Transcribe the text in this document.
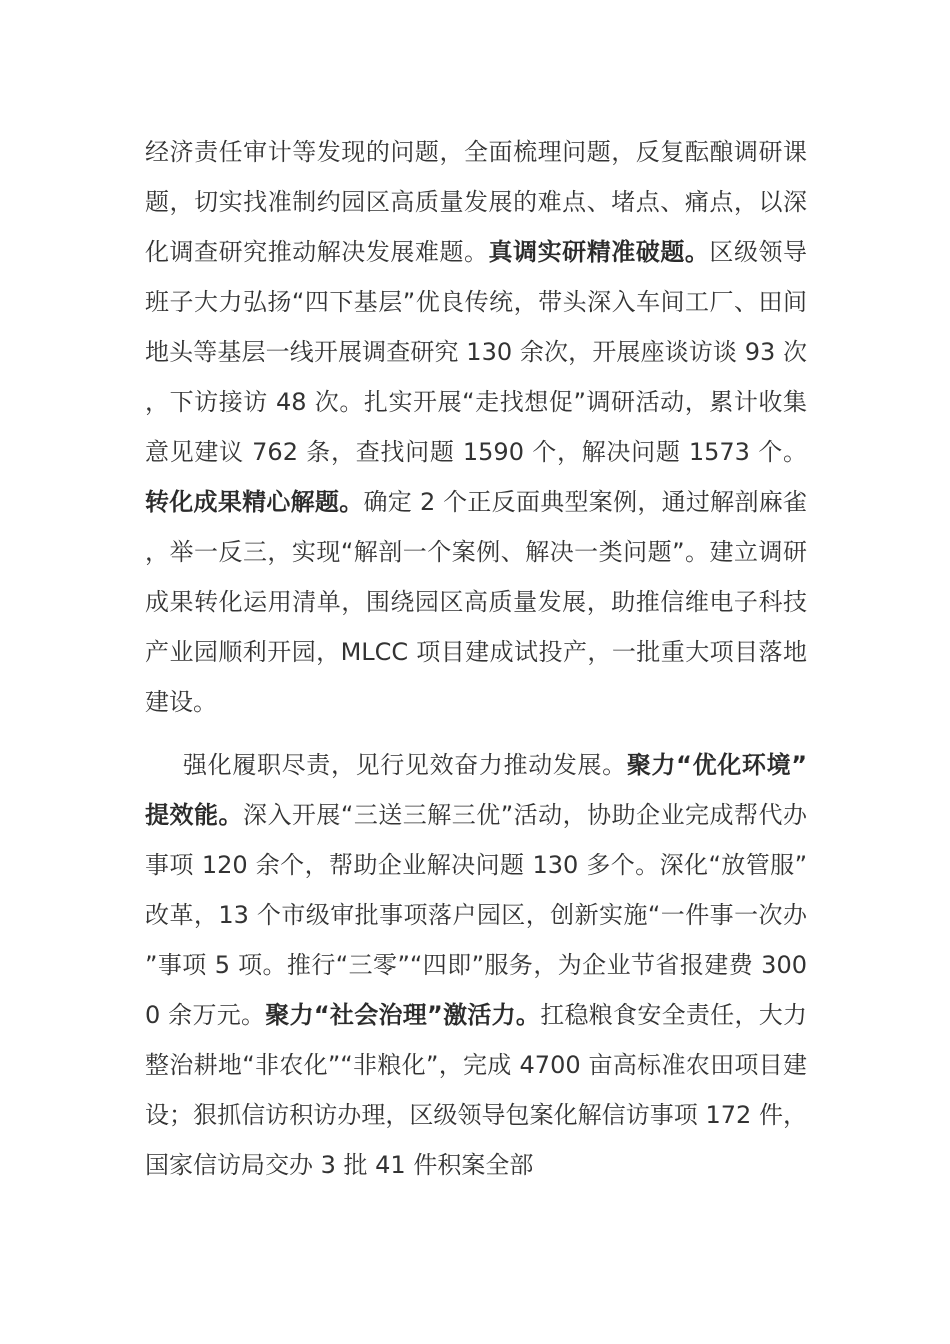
经济责任审计等发现的问题，全面梳理问题，反复酝酿调研课题，切实找准制约园区高质量发展的难点、堵点、痛点，以深化调查研究推动解决发展难题。真调实研精准破题。区级领导班子大力弘扬“四下基层”优良传统，带头深入车间工厂、田间地头等基层一线开展调查研究 130 余次，开展座谈访谈 93 次，下访接访 48 次。扎实开展“走找想促”调研活动，累计收集意见建议 762 条，查找问题 1590 个，解决问题 1573 个。转化成果精心解题。确定 2 个正反面典型案例，通过解剖麻雀，举一反三，实现“解剖一个案例、解决一类问题”。建立调研成果转化运用清单，围绕园区高质量发展，助推信维电子科技产业园顺利开园，MLCC 项目建成试投产，一批重大项目落地建设。

强化履职尽责，见行见效奋力推动发展。聚力“优化环境”提效能。深入开展“三送三解三优”活动，协助企业完成帮代办事项 120 余个，帮助企业解决问题 130 多个。深化“放管服”改革，13 个市级审批事项落户园区，创新实施“一件事一次办”事项 5 项。推行“三零”“四即”服务，为企业节省报建费 3000 余万元。聚力“社会治理”激活力。扛稳粮食安全责任，大力整治耕地“非农化”“非粮化”，完成 4700 亩高标准农田项目建设；狠抓信访积访办理，区级领导包案化解信访事项 172 件，国家信访局交办 3 批 41 件积案全部
